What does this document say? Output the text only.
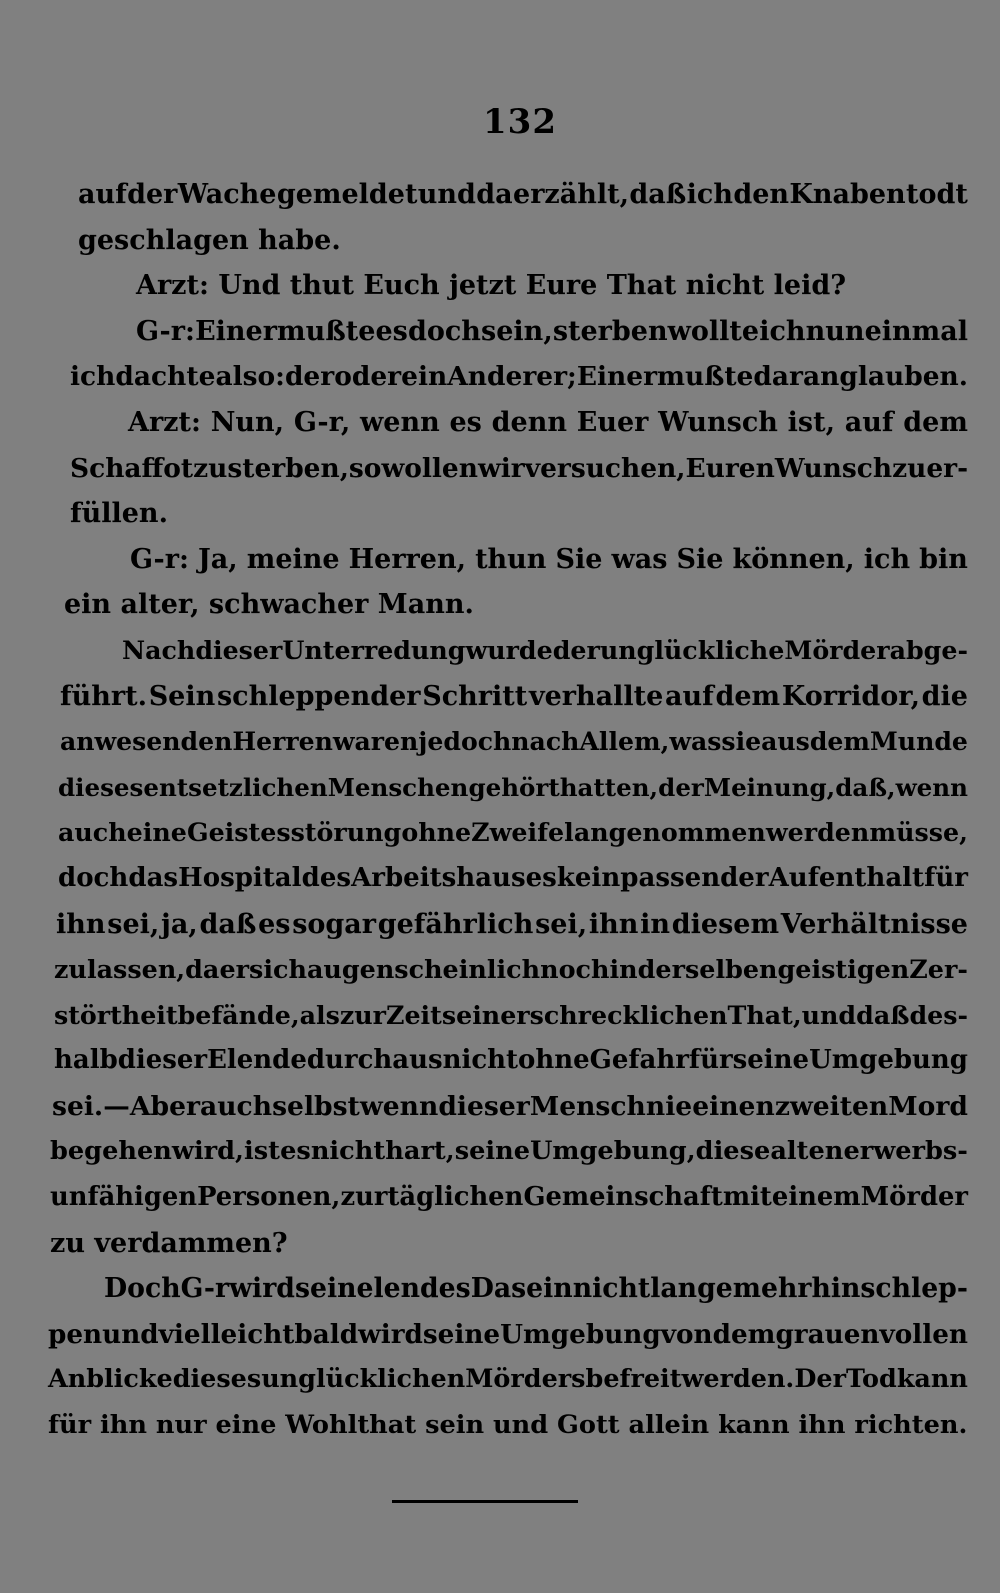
132
auf der Wache gemeldet und da erzählt, daß ich den Knaben todt
geschlagen habe.
Arzt: Und thut Euch jetzt Eure That nicht leid?
G-r: Einer mußte es doch sein, sterben wollte ich nun einmal
ich dachte also: der oder ein Anderer; Einer mußte daran glauben.
Arzt: Nun, G-r, wenn es denn Euer Wunsch ist, auf dem
Schaffot zu sterben, so wollen wir versuchen, Euren Wunsch zu er-
füllen.
G-r: Ja, meine Herren, thun Sie was Sie können, ich bin
ein alter, schwacher Mann.
Nach dieser Unterredung wurde der unglückliche Mörder abge-
führt. Sein schleppender Schritt verhallte auf dem Korridor, die
anwesenden Herren waren jedoch nach Allem, was sie aus dem Munde
dieses entsetzlichen Menschen gehört hatten, der Meinung, daß, wenn
auch eine Geistesstörung ohne Zweifel angenommen werden müsse,
doch das Hospital des Arbeitshauses kein passender Aufenthalt für
ihn sei, ja, daß es sogar gefährlich sei, ihn in diesem Verhältnisse
zu lassen, da er sich augenscheinlich noch in derselben geistigen Zer-
störtheit befände, als zur Zeit seiner schrecklichen That, und daß des-
halb dieser Elende durchaus nicht ohne Gefahr für seine Umgebung
sei. — Aber auch selbst wenn dieser Mensch nie einen zweiten Mord
begehen wird, ist es nicht hart, seine Umgebung, diese alten erwerbs-
unfähigen Personen, zur täglichen Gemeinschaft mit einem Mörder
zu verdammen?
Doch G-r wird sein elendes Dasein nicht lange mehr hinschlep-
pen und vielleicht bald wird seine Umgebung von dem grauenvollen
Anblicke dieses unglücklichen Mörders befreit werden. Der Tod kann
für ihn nur eine Wohlthat sein und Gott allein kann ihn richten.
